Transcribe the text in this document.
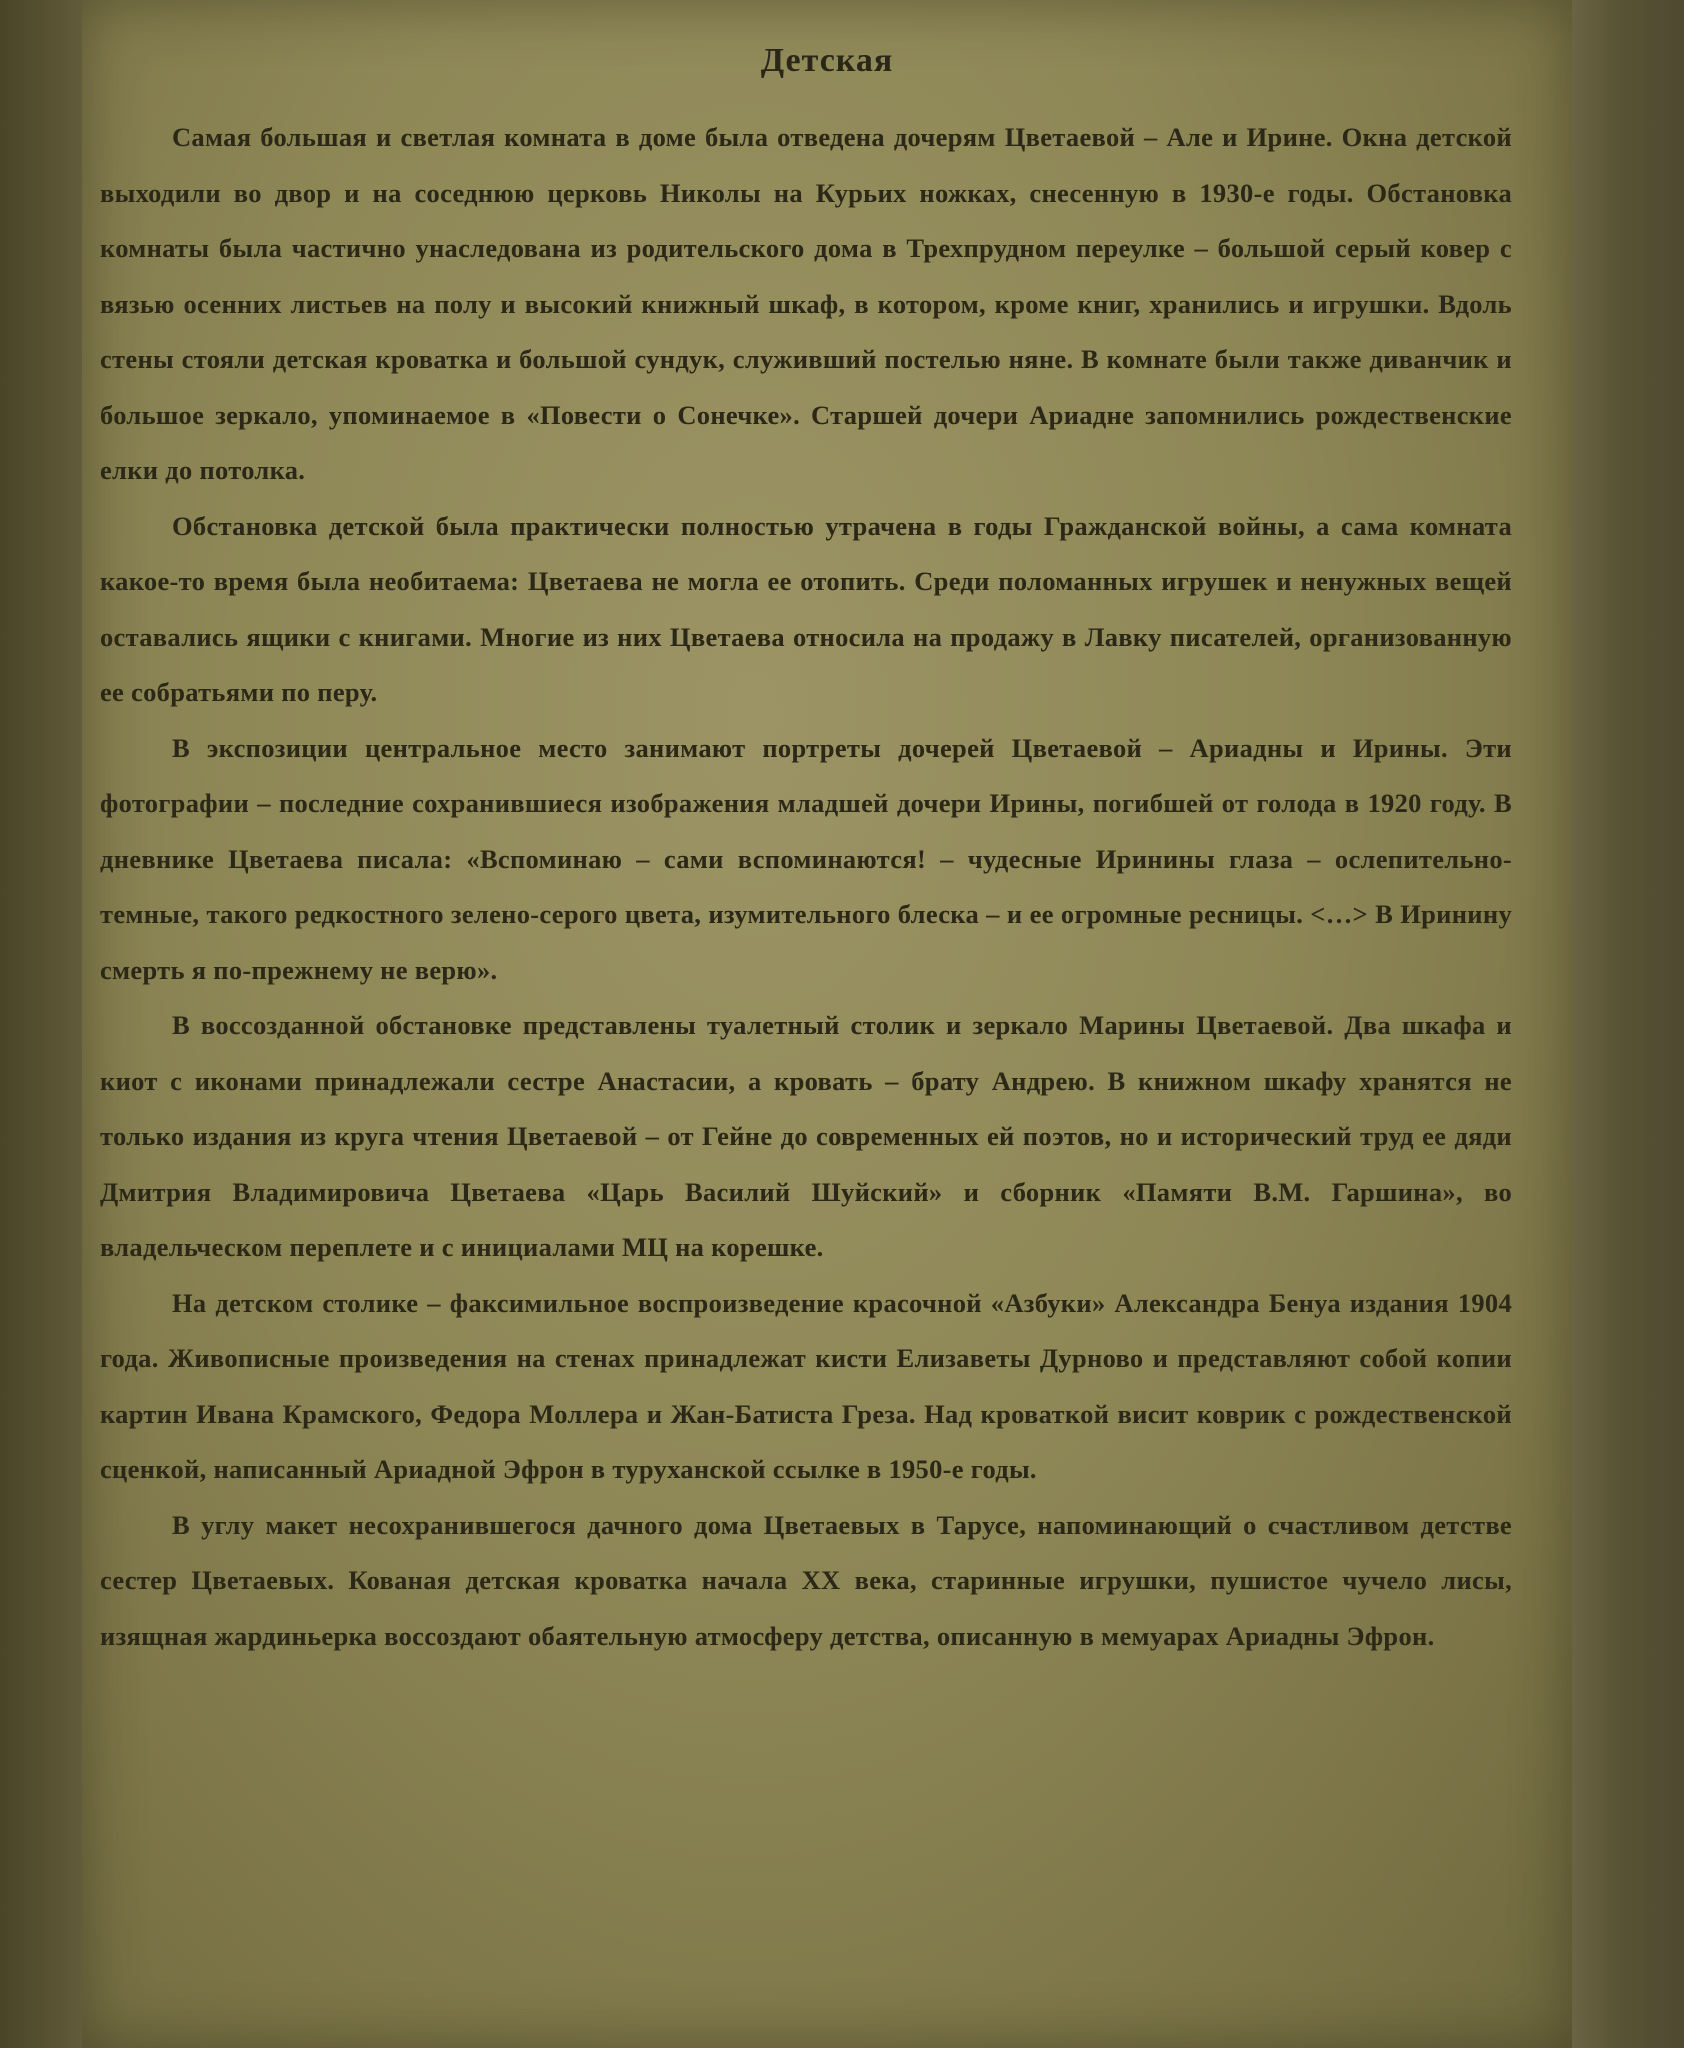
Детская

Самая большая и светлая комната в доме была отведена дочерям Цветаевой – Але и Ирине. Окна детской выходили во двор и на соседнюю церковь Николы на Курьих ножках, снесенную в 1930-е годы. Обстановка комнаты была частично унаследована из родительского дома в Трехпрудном переулке – большой серый ковер с вязью осенних листьев на полу и высокий книжный шкаф, в котором, кроме книг, хранились и игрушки. Вдоль стены стояли детская кроватка и большой сундук, служивший постелью няне. В комнате были также диванчик и большое зеркало, упоминаемое в «Повести о Сонечке». Старшей дочери Ариадне запомнились рождественские елки до потолка.

Обстановка детской была практически полностью утрачена в годы Гражданской войны, а сама комната какое-то время была необитаема: Цветаева не могла ее отопить. Среди поломанных игрушек и ненужных вещей оставались ящики с книгами. Многие из них Цветаева относила на продажу в Лавку писателей, организованную ее собратьями по перу.

В экспозиции центральное место занимают портреты дочерей Цветаевой – Ариадны и Ирины. Эти фотографии – последние сохранившиеся изображения младшей дочери Ирины, погибшей от голода в 1920 году. В дневнике Цветаева писала: «Вспоминаю – сами вспоминаются! – чудесные Иринины глаза – ослепительно-темные, такого редкостного зелено-серого цвета, изумительного блеска – и ее огромные ресницы. <…> В Иринину смерть я по-прежнему не верю».

В воссозданной обстановке представлены туалетный столик и зеркало Марины Цветаевой. Два шкафа и киот с иконами принадлежали сестре Анастасии, а кровать – брату Андрею. В книжном шкафу хранятся не только издания из круга чтения Цветаевой – от Гейне до современных ей поэтов, но и исторический труд ее дяди Дмитрия Владимировича Цветаева «Царь Василий Шуйский» и сборник «Памяти В.М. Гаршина», во владельческом переплете и с инициалами МЦ на корешке.

На детском столике – факсимильное воспроизведение красочной «Азбуки» Александра Бенуа издания 1904 года. Живописные произведения на стенах принадлежат кисти Елизаветы Дурново и представляют собой копии картин Ивана Крамского, Федора Моллера и Жан-Батиста Греза. Над кроваткой висит коврик с рождественской сценкой, написанный Ариадной Эфрон в туруханской ссылке в 1950-е годы.

В углу макет несохранившегося дачного дома Цветаевых в Тарусе, напоминающий о счастливом детстве сестер Цветаевых. Кованая детская кроватка начала XX века, старинные игрушки, пушистое чучело лисы, изящная жардиньерка воссоздают обаятельную атмосферу детства, описанную в мемуарах Ариадны Эфрон.
